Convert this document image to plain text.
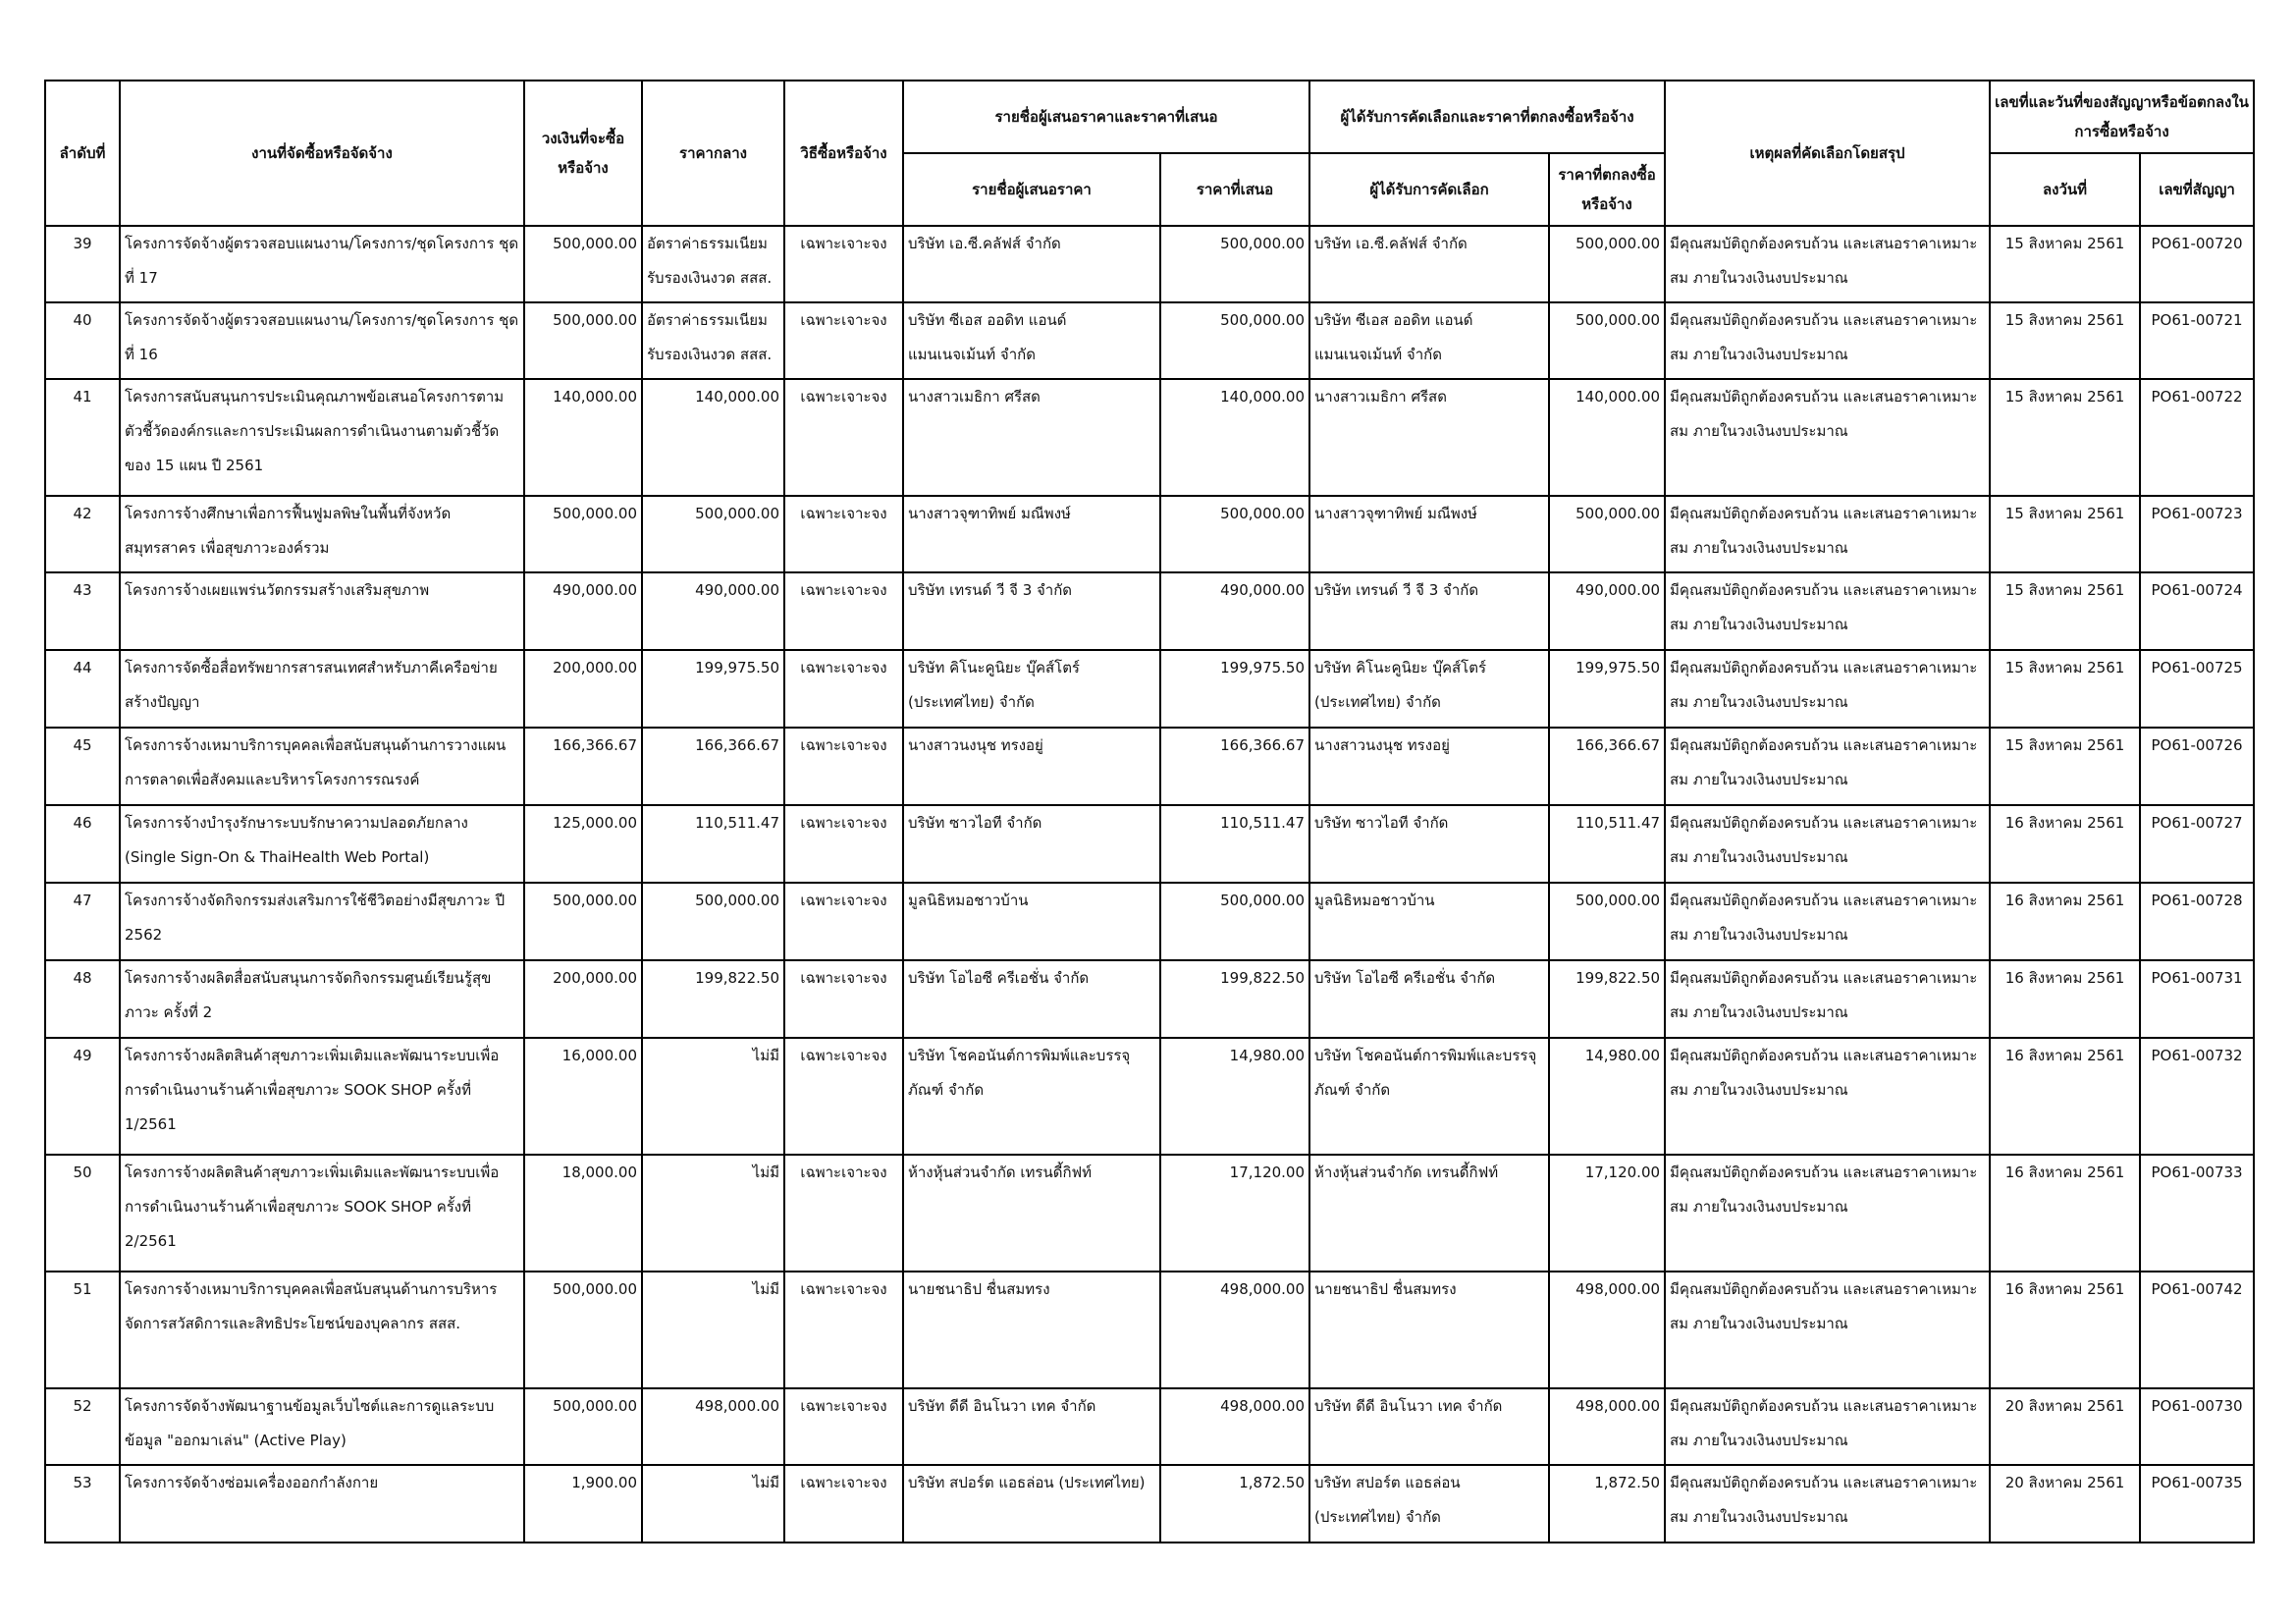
ลำดับที่	งานที่จัดซื้อหรือจัดจ้าง	วงเงินที่จะซื้อหรือจ้าง	ราคากลาง	วิธีซื้อหรือจ้าง	รายชื่อผู้เสนอราคาและราคาที่เสนอ		ผู้ได้รับการคัดเลือกและราคาที่ตกลงซื้อหรือจ้าง		เหตุผลที่คัดเลือกโดยสรุป	เลขที่และวันที่ของสัญญาหรือข้อตกลงในการซื้อหรือจ้าง	
					รายชื่อผู้เสนอราคา	ราคาที่เสนอ	ผู้ได้รับการคัดเลือก	ราคาที่ตกลงซื้อหรือจ้าง		ลงวันที่	เลขที่สัญญา
39	โครงการจัดจ้างผู้ตรวจสอบแผนงาน/โครงการ/ชุดโครงการ ชุดที่ 17	500,000.00	อัตราค่าธรรมเนียมรับรองเงินงวด สสส.	เฉพาะเจาะจง	บริษัท เอ.ซี.คลัฟส์ จำกัด	500,000.00	บริษัท เอ.ซี.คลัฟส์ จำกัด	500,000.00	มีคุณสมบัติถูกต้องครบถ้วน และเสนอราคาเหมาะสม ภายในวงเงินงบประมาณ	15 สิงหาคม 2561	PO61-00720
40	โครงการจัดจ้างผู้ตรวจสอบแผนงาน/โครงการ/ชุดโครงการ ชุดที่ 16	500,000.00	อัตราค่าธรรมเนียมรับรองเงินงวด สสส.	เฉพาะเจาะจง	บริษัท ซีเอส ออดิท แอนด์ แมนเนจเม้นท์ จำกัด	500,000.00	บริษัท ซีเอส ออดิท แอนด์ แมนเนจเม้นท์ จำกัด	500,000.00	มีคุณสมบัติถูกต้องครบถ้วน และเสนอราคาเหมาะสม ภายในวงเงินงบประมาณ	15 สิงหาคม 2561	PO61-00721
41	โครงการสนับสนุนการประเมินคุณภาพข้อเสนอโครงการตามตัวชี้วัดองค์กรและการประเมินผลการดำเนินงานตามตัวชี้วัดของ 15 แผน ปี 2561	140,000.00	140,000.00	เฉพาะเจาะจง	นางสาวเมธิกา ศรีสด	140,000.00	นางสาวเมธิกา ศรีสด	140,000.00	มีคุณสมบัติถูกต้องครบถ้วน และเสนอราคาเหมาะสม ภายในวงเงินงบประมาณ	15 สิงหาคม 2561	PO61-00722
42	โครงการจ้างศึกษาเพื่อการฟื้นฟูมลพิษในพื้นที่จังหวัดสมุทรสาคร เพื่อสุขภาวะองค์รวม	500,000.00	500,000.00	เฉพาะเจาะจง	นางสาวจุฑาทิพย์ มณีพงษ์	500,000.00	นางสาวจุฑาทิพย์ มณีพงษ์	500,000.00	มีคุณสมบัติถูกต้องครบถ้วน และเสนอราคาเหมาะสม ภายในวงเงินงบประมาณ	15 สิงหาคม 2561	PO61-00723
43	โครงการจ้างเผยแพร่นวัตกรรมสร้างเสริมสุขภาพ	490,000.00	490,000.00	เฉพาะเจาะจง	บริษัท เทรนด์ วี จี 3 จำกัด	490,000.00	บริษัท เทรนด์ วี จี 3 จำกัด	490,000.00	มีคุณสมบัติถูกต้องครบถ้วน และเสนอราคาเหมาะสม ภายในวงเงินงบประมาณ	15 สิงหาคม 2561	PO61-00724
44	โครงการจัดซื้อสื่อทรัพยากรสารสนเทศสำหรับภาคีเครือข่ายสร้างปัญญา	200,000.00	199,975.50	เฉพาะเจาะจง	บริษัท คิโนะคูนิยะ บุ๊คส์โตร์ (ประเทศไทย) จำกัด	199,975.50	บริษัท คิโนะคูนิยะ บุ๊คส์โตร์ (ประเทศไทย) จำกัด	199,975.50	มีคุณสมบัติถูกต้องครบถ้วน และเสนอราคาเหมาะสม ภายในวงเงินงบประมาณ	15 สิงหาคม 2561	PO61-00725
45	โครงการจ้างเหมาบริการบุคคลเพื่อสนับสนุนด้านการวางแผนการตลาดเพื่อสังคมและบริหารโครงการรณรงค์	166,366.67	166,366.67	เฉพาะเจาะจง	นางสาวนงนุช ทรงอยู่	166,366.67	นางสาวนงนุช ทรงอยู่	166,366.67	มีคุณสมบัติถูกต้องครบถ้วน และเสนอราคาเหมาะสม ภายในวงเงินงบประมาณ	15 สิงหาคม 2561	PO61-00726
46	โครงการจ้างบำรุงรักษาระบบรักษาความปลอดภัยกลาง (Single Sign-On & ThaiHealth Web Portal)	125,000.00	110,511.47	เฉพาะเจาะจง	บริษัท ซาวไอที จำกัด	110,511.47	บริษัท ซาวไอที จำกัด	110,511.47	มีคุณสมบัติถูกต้องครบถ้วน และเสนอราคาเหมาะสม ภายในวงเงินงบประมาณ	16 สิงหาคม 2561	PO61-00727
47	โครงการจ้างจัดกิจกรรมส่งเสริมการใช้ชีวิตอย่างมีสุขภาวะ ปี 2562	500,000.00	500,000.00	เฉพาะเจาะจง	มูลนิธิหมอชาวบ้าน	500,000.00	มูลนิธิหมอชาวบ้าน	500,000.00	มีคุณสมบัติถูกต้องครบถ้วน และเสนอราคาเหมาะสม ภายในวงเงินงบประมาณ	16 สิงหาคม 2561	PO61-00728
48	โครงการจ้างผลิตสื่อสนับสนุนการจัดกิจกรรมศูนย์เรียนรู้สุขภาวะ ครั้งที่ 2	200,000.00	199,822.50	เฉพาะเจาะจง	บริษัท โอไอซี ครีเอชั่น จำกัด	199,822.50	บริษัท โอไอซี ครีเอชั่น จำกัด	199,822.50	มีคุณสมบัติถูกต้องครบถ้วน และเสนอราคาเหมาะสม ภายในวงเงินงบประมาณ	16 สิงหาคม 2561	PO61-00731
49	โครงการจ้างผลิตสินค้าสุขภาวะเพิ่มเติมและพัฒนาระบบเพื่อการดำเนินงานร้านค้าเพื่อสุขภาวะ SOOK SHOP ครั้งที่ 1/2561	16,000.00	ไม่มี	เฉพาะเจาะจง	บริษัท โชคอนันต์การพิมพ์และบรรจุภัณฑ์ จำกัด	14,980.00	บริษัท โชคอนันต์การพิมพ์และบรรจุภัณฑ์ จำกัด	14,980.00	มีคุณสมบัติถูกต้องครบถ้วน และเสนอราคาเหมาะสม ภายในวงเงินงบประมาณ	16 สิงหาคม 2561	PO61-00732
50	โครงการจ้างผลิตสินค้าสุขภาวะเพิ่มเติมและพัฒนาระบบเพื่อการดำเนินงานร้านค้าเพื่อสุขภาวะ SOOK SHOP ครั้งที่ 2/2561	18,000.00	ไม่มี	เฉพาะเจาะจง	ห้างหุ้นส่วนจำกัด เทรนดี้กิฟท์	17,120.00	ห้างหุ้นส่วนจำกัด เทรนดี้กิฟท์	17,120.00	มีคุณสมบัติถูกต้องครบถ้วน และเสนอราคาเหมาะสม ภายในวงเงินงบประมาณ	16 สิงหาคม 2561	PO61-00733
51	โครงการจ้างเหมาบริการบุคคลเพื่อสนับสนุนด้านการบริหารจัดการสวัสดิการและสิทธิประโยชน์ของบุคลากร สสส.	500,000.00	ไม่มี	เฉพาะเจาะจง	นายชนาธิป ชื่นสมทรง	498,000.00	นายชนาธิป ชื่นสมทรง	498,000.00	มีคุณสมบัติถูกต้องครบถ้วน และเสนอราคาเหมาะสม ภายในวงเงินงบประมาณ	16 สิงหาคม 2561	PO61-00742
52	โครงการจัดจ้างพัฒนาฐานข้อมูลเว็บไซต์และการดูแลระบบข้อมูล "ออกมาเล่น" (Active Play)	500,000.00	498,000.00	เฉพาะเจาะจง	บริษัท ดีดี อินโนวา เทค จำกัด	498,000.00	บริษัท ดีดี อินโนวา เทค จำกัด	498,000.00	มีคุณสมบัติถูกต้องครบถ้วน และเสนอราคาเหมาะสม ภายในวงเงินงบประมาณ	20 สิงหาคม 2561	PO61-00730
53	โครงการจัดจ้างซ่อมเครื่องออกกำลังกาย	1,900.00	ไม่มี	เฉพาะเจาะจง	บริษัท สปอร์ต แอธล่อน (ประเทศไทย)	1,872.50	บริษัท สปอร์ต แอธล่อน (ประเทศไทย) จำกัด	1,872.50	มีคุณสมบัติถูกต้องครบถ้วน และเสนอราคาเหมาะสม ภายในวงเงินงบประมาณ	20 สิงหาคม 2561	PO61-00735
